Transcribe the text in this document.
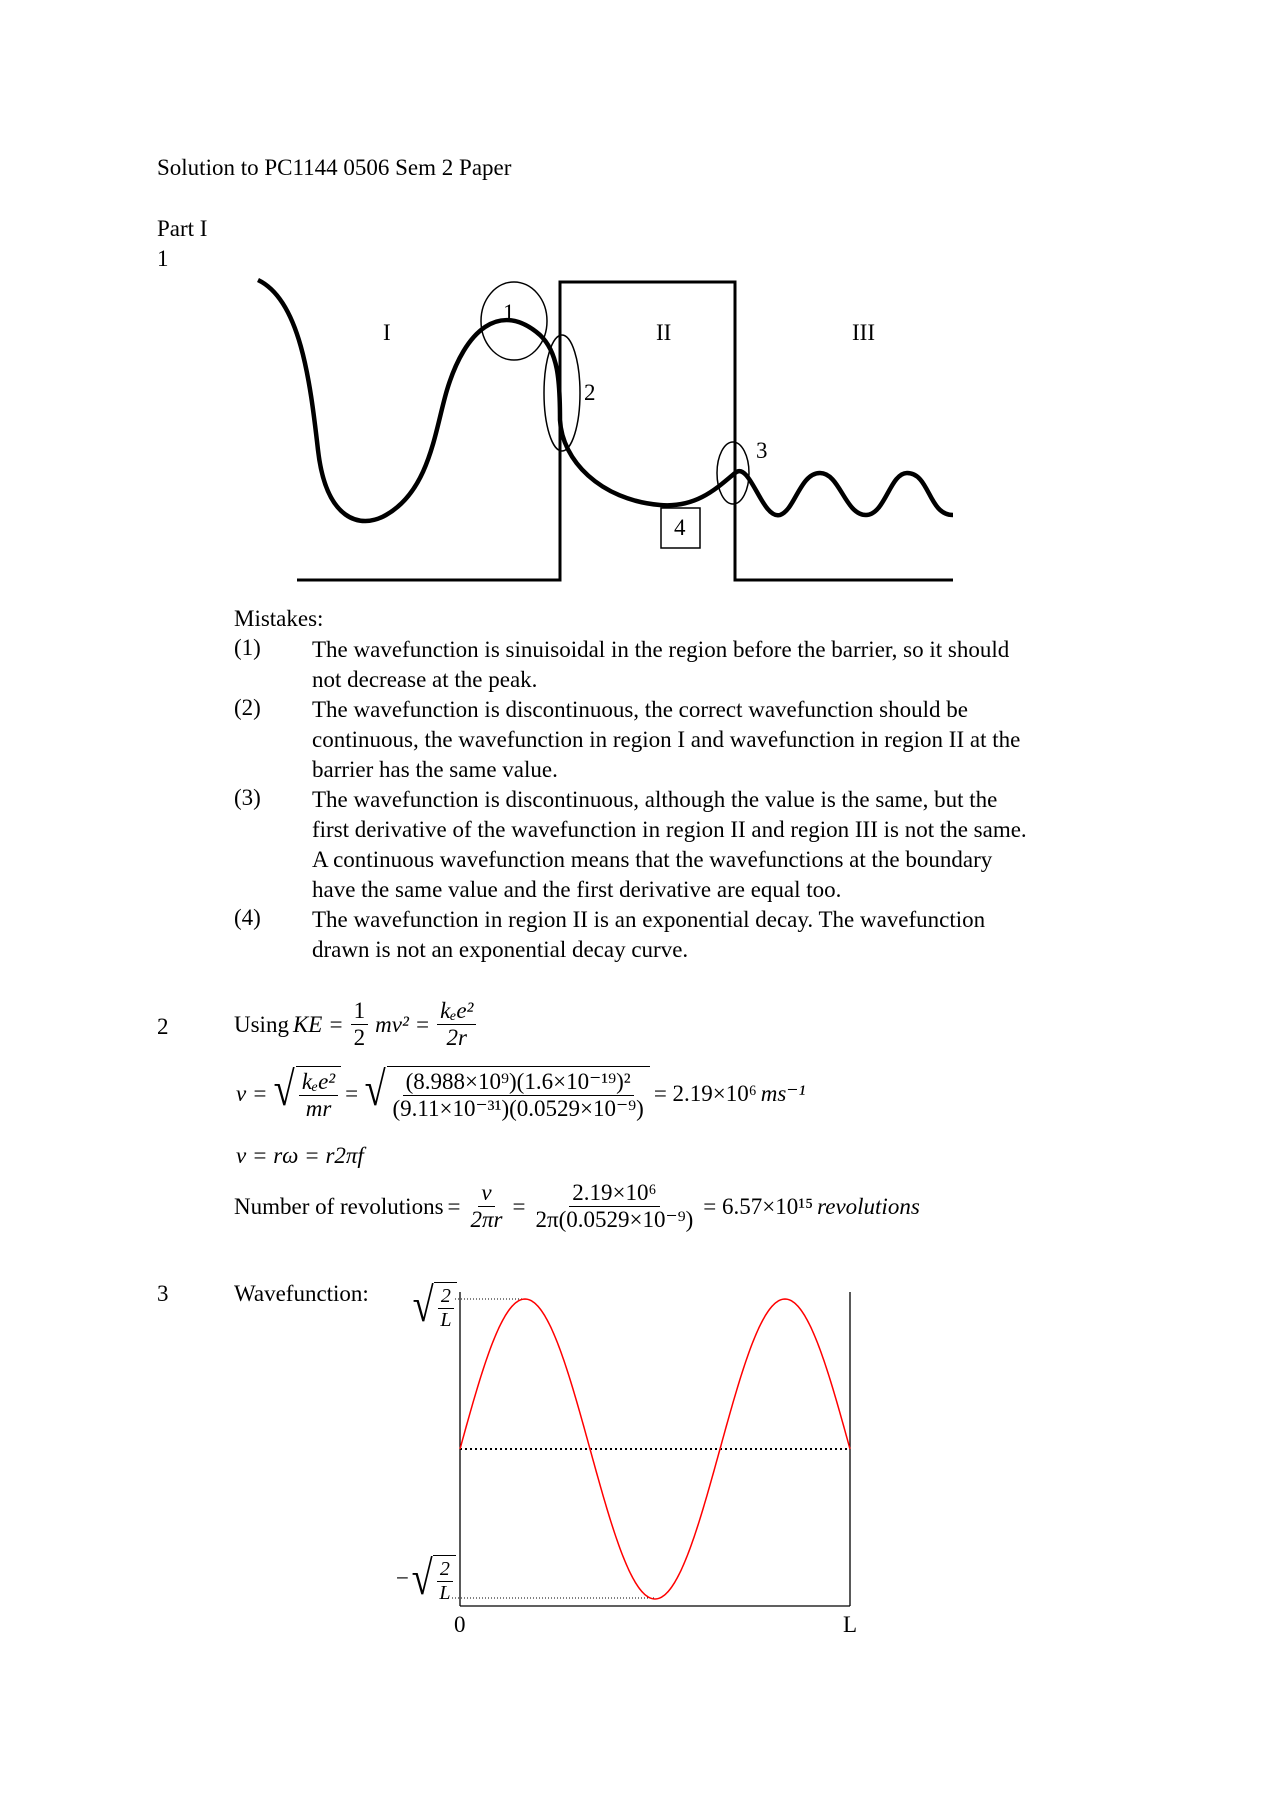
Solution to PC1144 0506 Sem 2 Paper
Part I
1
I	II	III
1
2
3
4
Mistakes:
(1) The wavefunction is sinuisoidal in the region before the barrier, so it should
not decrease at the peak.
(2) The wavefunction is discontinuous, the correct wavefunction should be
continuous, the wavefunction in region I and wavefunction in region II at the
barrier has the same value.
(3) The wavefunction is discontinuous, although the value is the same, but the
first derivative of the wavefunction in region II and region III is not the same.
A continuous wavefunction means that the wavefunctions at the boundary
have the same value and the first derivative are equal too.
(4) The wavefunction in region II is an exponential decay. The wavefunction
drawn is not an exponential decay curve.
2	Using KE = $\frac{1}{2} mv^2 = \frac{\text{kₑe²}}{2r}$
v = √ $\frac{\text{kₑe²}}{mr}$ = √ $\frac{\text{(8.988×10⁹)(1.6×10⁻¹⁹)²}}{\text{(9.11×10⁻³¹)(0.0529×10⁻⁹)}} = 2.19\times 10^6$ ms⁻¹
v = rω = r2πf
Number of revolutions = $\frac{v}{2\pi r} = \frac{\text{2.19×10⁶}}{\text{2π(0.0529×10⁻⁹)}} = 6.57\times 10^{15}$ revolutions
3	Wavefunction: √ $\frac{2}{L}$
− √ $\frac{2}{L}$
0	L
